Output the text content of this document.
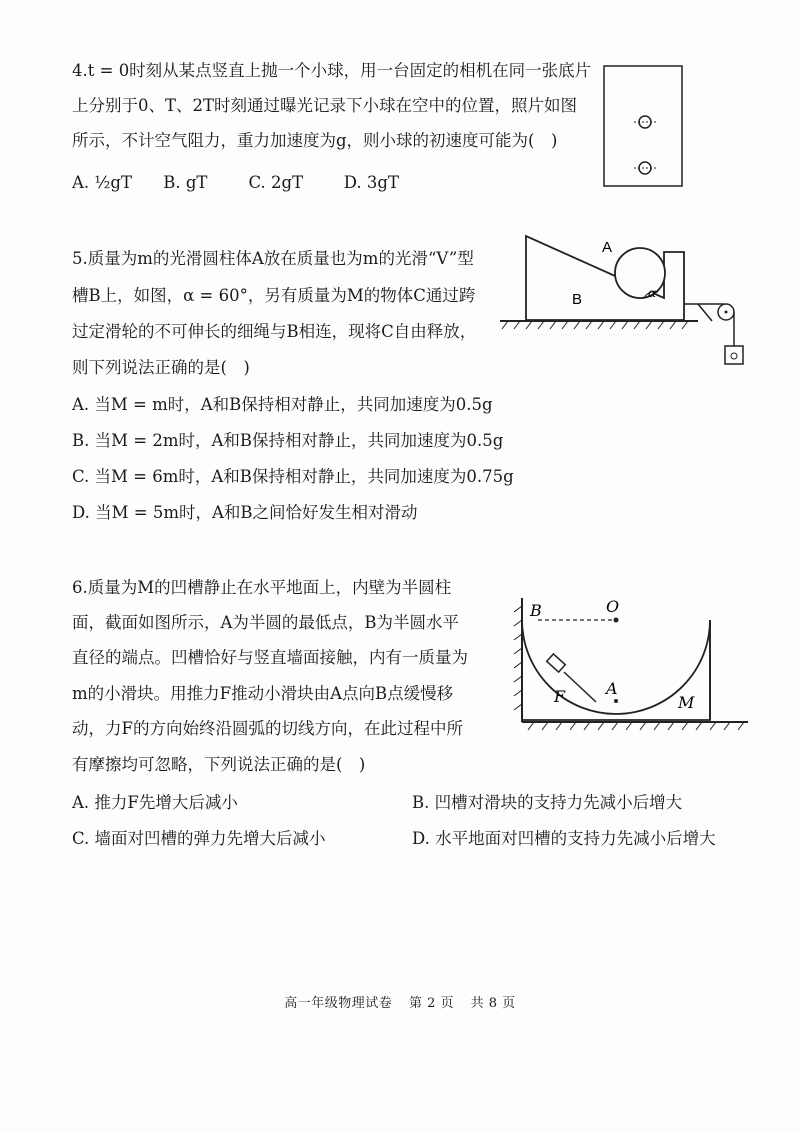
4.t = 0时刻从某点竖直上抛一个小球，用一台固定的相机在同一张底片
上分别于0、T、2T时刻通过曝光记录下小球在空中的位置，照片如图
所示，不计空气阻力，重力加速度为g，则小球的初速度可能为(　)
A. ½gT B. gT C. 2gT D. 3gT
5.质量为m的光滑圆柱体A放在质量也为m的光滑“V”型
槽B上，如图，α = 60°，另有质量为M的物体C通过跨
过定滑轮的不可伸长的细绳与B相连，现将C自由释放，
则下列说法正确的是(　)
A. 当M = m时，A和B保持相对静止，共同加速度为0.5g
B. 当M = 2m时，A和B保持相对静止，共同加速度为0.5g
C. 当M = 6m时，A和B保持相对静止，共同加速度为0.75g
D. 当M = 5m时，A和B之间恰好发生相对滑动
A
B	α
6.质量为M的凹槽静止在水平地面上，内壁为半圆柱
面，截面如图所示，A为半圆的最低点，B为半圆水平
直径的端点。凹槽恰好与竖直墙面接触，内有一质量为
m的小滑块。用推力F推动小滑块由A点向B点缓慢移
动，力F的方向始终沿圆弧的切线方向，在此过程中所
有摩擦均可忽略，下列说法正确的是(　)
A. 推力F先增大后减小	B. 凹槽对滑块的支持力先减小后增大
C. 墙面对凹槽的弹力先增大后减小	D. 水平地面对凹槽的支持力先减小后增大
B	O
F	A
M
高一年级物理试卷 第 2 页 共 8 页
